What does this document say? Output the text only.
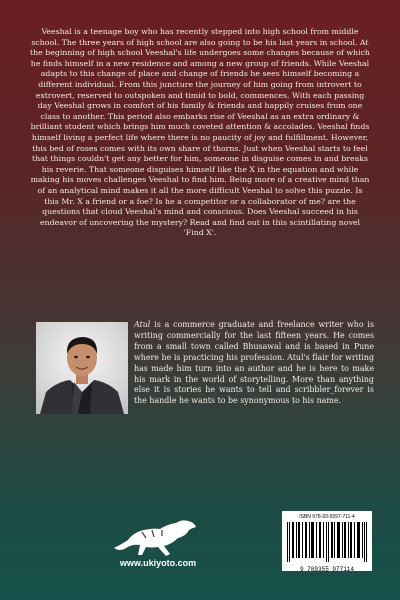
Veeshal is a teenage boy who has recently stepped into high school from middle school. The three years of high school are also going to be his last years in school. At the beginning of high school Veeshal's life undergoes some changes because of which he finds himself in a new residence and among a new group of friends. While Veeshal adapts to this change of place and change of friends he sees himself becoming a different individual. From this juncture the journey of him going from introvert to extrovert, reserved to outspoken and timid to bold, commences. With each passing day Veeshal grows in comfort of his family & friends and happily cruises from one class to another. This period also embarks rise of Veeshal as an extra ordinary & brilliant student which brings him much coveted attention & accolades. Veeshal finds himself living a perfect life where there is no paucity of joy and fulfillment. However, this bed of roses comes with its own share of thorns. Just when Veeshal starts to feel that things couldn't get any better for him, someone in disguise comes in and breaks his reverie. That someone disguises himself like the X in the equation and while making his moves challenges Veeshal to find him. Being more of a creative mind than of an analytical mind makes it all the more difficult Veeshal to solve this puzzle. Is this Mr. X a friend or a foe? Is he a competitor or a collaborator of me? are the questions that cloud Veeshal's mind and conscious. Does Veeshal succeed in his endeavor of uncovering the mystery? Read and find out in this scintillating novel 'Find X'.

Atul is a commerce graduate and freelance writer who is writing commercially for the last fifteen years. He comes from a small town called Bhusawal and is based in Pune where he is practicing his profession. Atul's flair for writing has made him turn into an author and he is here to make his mark in the world of storytelling. More than anything else it is stories he wants to tell and scribbler_forever is the handle he wants to be synonymous to his name.

www.ukiyoto.com
ISBN 978-93-5597-711-4
9 789355 977114
